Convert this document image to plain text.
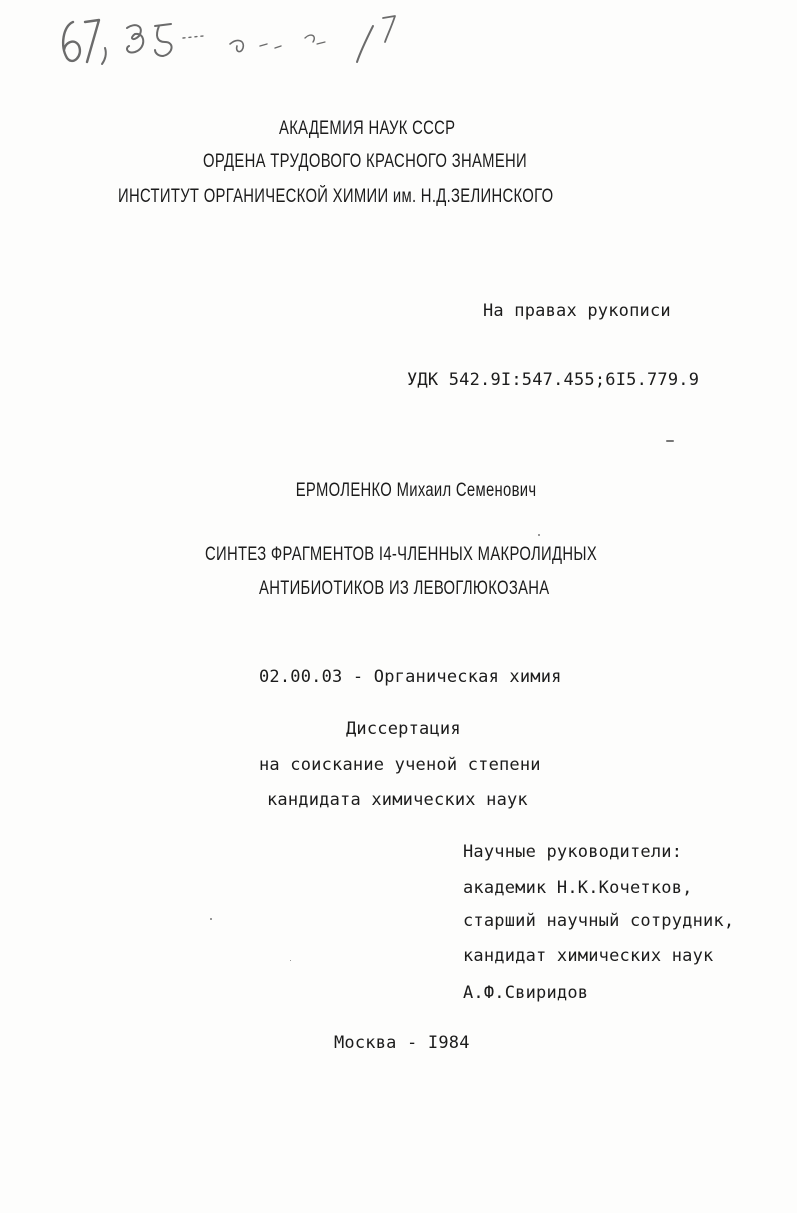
67 825 ... 5
АКАДЕМИЯ НАУК СССР
ОРДЕНА ТРУДОВОГО КРАСНОГО ЗНАМЕНИ
ИНСТИТУТ ОРГАНИЧЕСКОЙ ХИМИИ им. Н.Д.ЗЕЛИНСКОГО
На правах рукописи
УДК 542.9I:547.455;6I5.779.9

ЕРМОЛЕНКО Михаил Семенович

СИНТЕЗ ФРАГМЕНТОВ I4-ЧЛЕННЫХ МАКРОЛИДНЫХ
АНТИБИОТИКОВ ИЗ ЛЕВОГЛЮКОЗАНА
02.00.03 - Органическая химия
Диссертация
на соискание ученой степени
кандидата химических наук
Научные руководители:
академик Н.К.Кочетков,
старший научный сотрудник,
кандидат химических наук
А.Ф.Свиридов
Москва - I984
